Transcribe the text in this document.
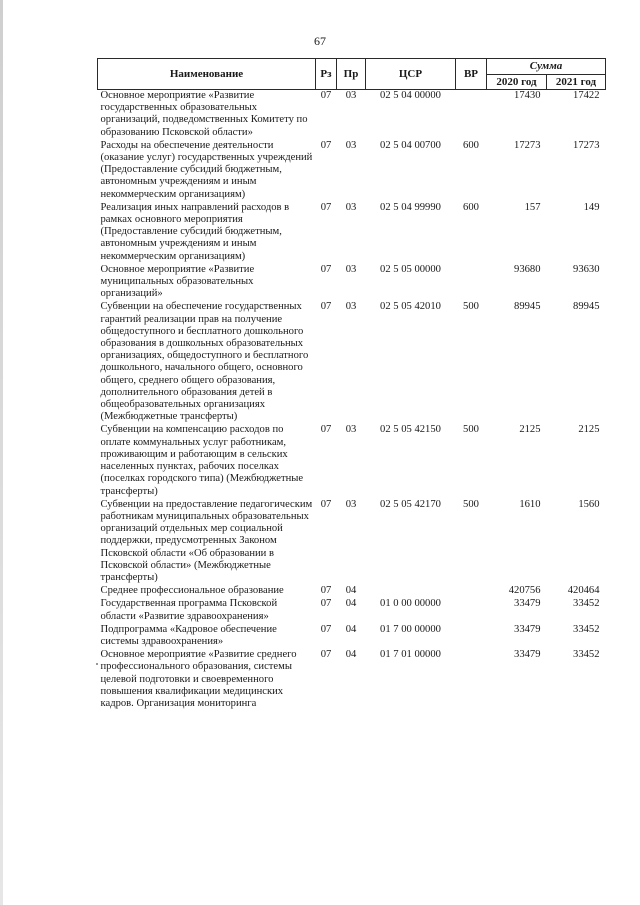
67
Наименование	Рз	Пр	ЦСР	ВР	Сумма	
					2020 год	2021 год
Основное мероприятие «Развитие государственных образовательных организаций, подведомственных Комитету по образованию Псковской области»	07	03	02 5 04 00000		17430	17422
Расходы на обеспечение деятельности (оказание услуг) государственных учреждений (Предоставление субсидий бюджетным, автономным учреждениям и иным некоммерческим организациям)	07	03	02 5 04 00700	600	17273	17273
Реализация иных направлений расходов в рамках основного мероприятия (Предоставление субсидий бюджетным, автономным учреждениям и иным некоммерческим организациям)	07	03	02 5 04 99990	600	157	149
Основное мероприятие «Развитие муниципальных образовательных организаций»	07	03	02 5 05 00000		93680	93630
Субвенции на обеспечение государственных гарантий реализации прав на получение общедоступного и бесплатного дошкольного образования в дошкольных образовательных организациях, общедоступного и бесплатного дошкольного, начального общего, основного общего, среднего общего образования, дополнительного образования детей в общеобразовательных организациях (Межбюджетные трансферты)	07	03	02 5 05 42010	500	89945	89945
Субвенции на компенсацию расходов по оплате коммунальных услуг работникам, проживающим и работающим в сельских населенных пунктах, рабочих поселках (поселках городского типа) (Межбюджетные трансферты)	07	03	02 5 05 42150	500	2125	2125
Субвенции на предоставление педагогическим работникам муниципальных образовательных организаций отдельных мер социальной поддержки, предусмотренных Законом Псковской области «Об образовании в Псковской области» (Межбюджетные трансферты)	07	03	02 5 05 42170	500	1610	1560
Среднее профессиональное образование	07	04			420756	420464
Государственная программа Псковской области «Развитие здравоохранения»	07	04	01 0 00 00000		33479	33452
Подпрограмма «Кадровое обеспечение системы здравоохранения»	07	04	01 7 00 00000		33479	33452
Основное мероприятие «Развитие среднего профессионального образования, системы целевой подготовки и своевременного повышения квалификации медицинских кадров. Организация мониторинга	07	04	01 7 01 00000		33479	33452
